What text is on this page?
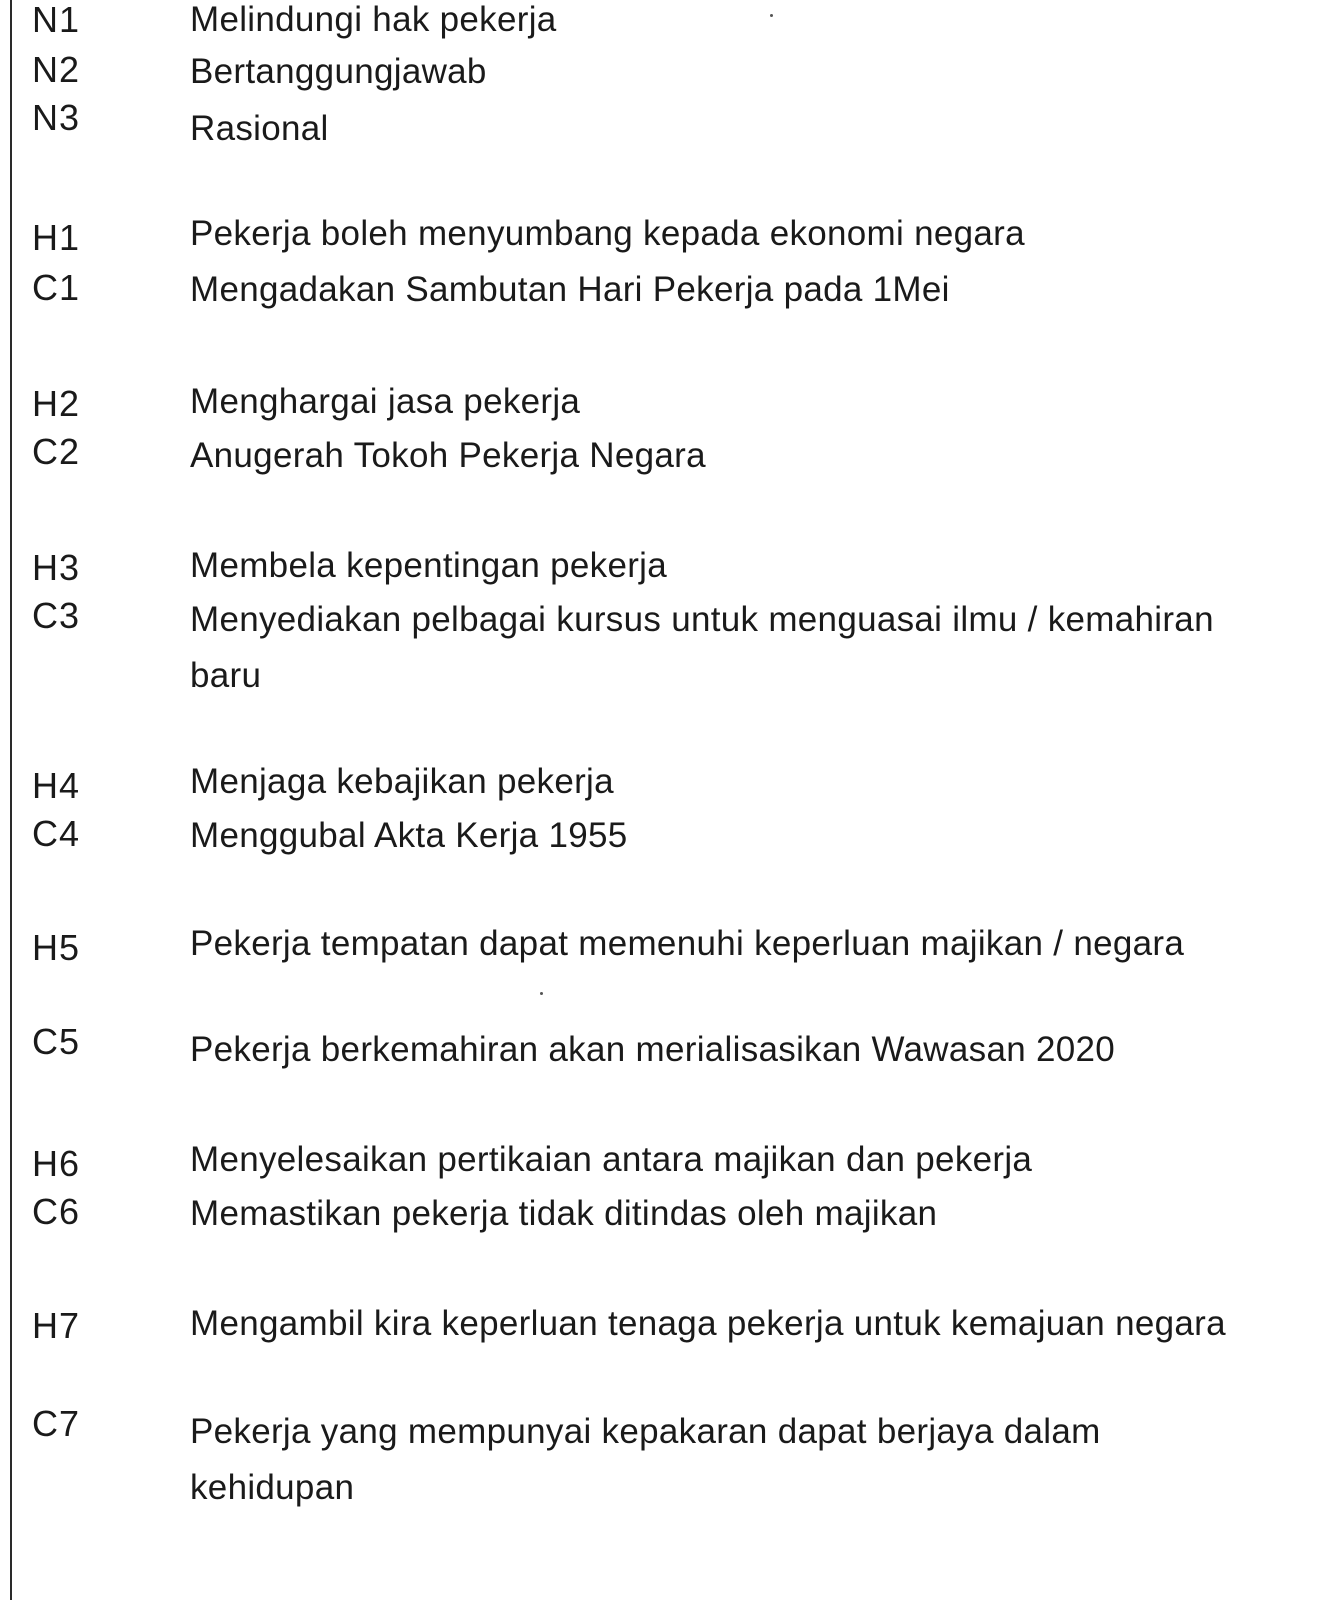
N1	Melindungi hak pekerja
N2	Bertanggungjawab
N3	Rasional
H1	Pekerja boleh menyumbang kepada ekonomi negara
C1	Mengadakan Sambutan Hari Pekerja pada 1Mei
H2	Menghargai jasa pekerja
C2	Anugerah Tokoh Pekerja Negara
H3	Membela kepentingan pekerja
C3	Menyediakan pelbagai kursus untuk menguasai ilmu / kemahiran baru
H4	Menjaga kebajikan pekerja
C4	Menggubal Akta Kerja 1955
H5	Pekerja tempatan dapat memenuhi keperluan majikan / negara
C5	Pekerja berkemahiran akan merialisasikan Wawasan 2020
H6	Menyelesaikan pertikaian antara majikan dan pekerja
C6	Memastikan pekerja tidak ditindas oleh majikan
H7	Mengambil kira keperluan tenaga pekerja untuk kemajuan negara
C7	Pekerja yang mempunyai kepakaran dapat berjaya dalam kehidupan
